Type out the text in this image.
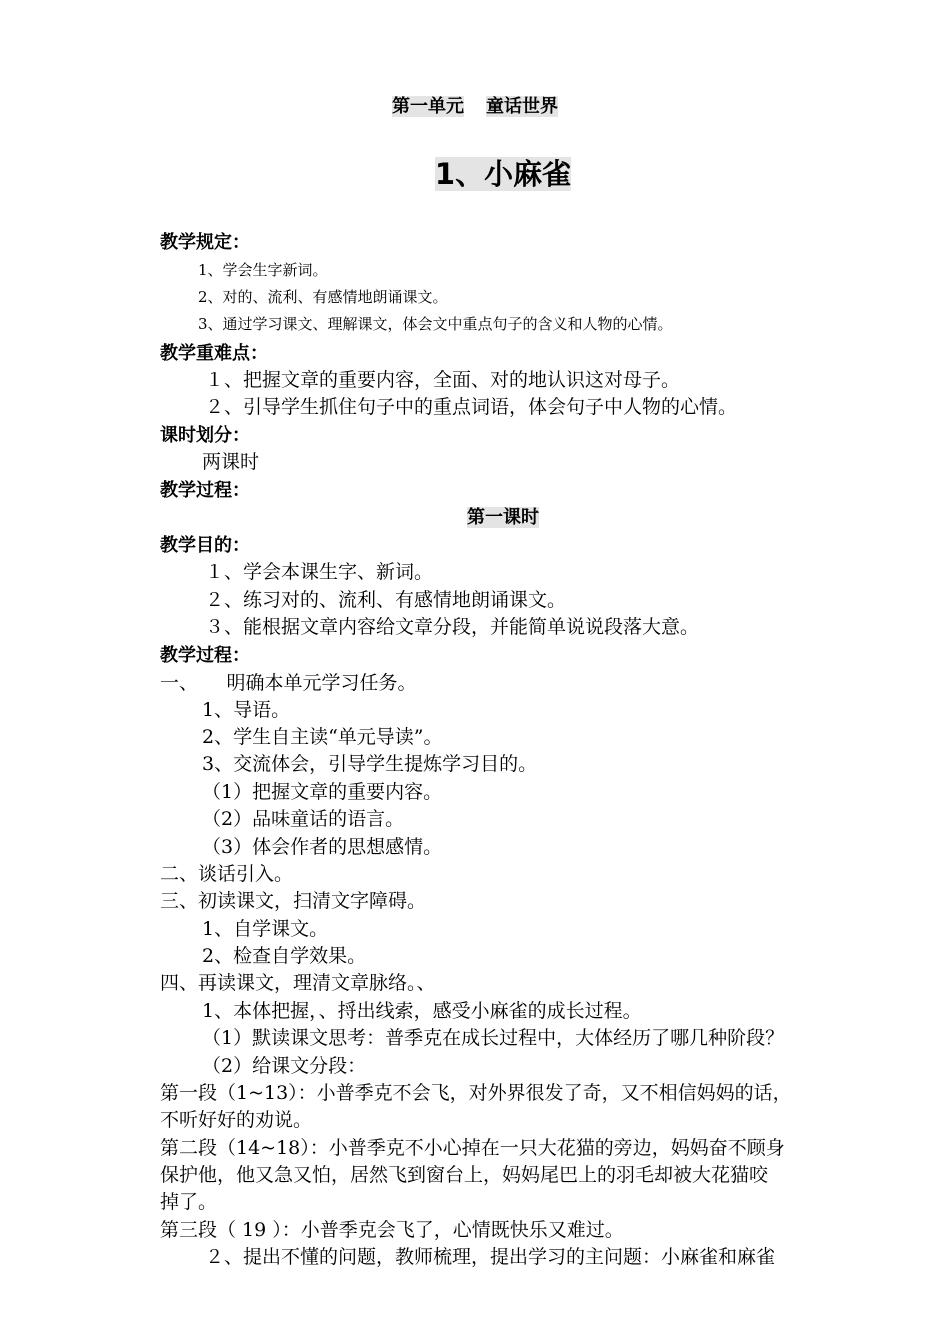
第一单元 童话世界
1、小麻雀
教学规定：
1、学会生字新词。
2、对的、流利、有感情地朗诵课文。
3、通过学习课文、理解课文，体会文中重点句子的含义和人物的心情。
教学重难点：
１、把握文章的重要内容，全面、对的地认识这对母子。
２、引导学生抓住句子中的重点词语，体会句子中人物的心情。
课时划分：
两课时
教学过程：
第一课时
教学目的：
１、学会本课生字、新词。
２、练习对的、流利、有感情地朗诵课文。
３、能根据文章内容给文章分段，并能简单说说段落大意。
教学过程：
一、　　明确本单元学习任务。
1、导语。
2、学生自主读“单元导读”。
3、交流体会，引导学生提炼学习目的。
（1）把握文章的重要内容。
（2）品味童话的语言。
（3）体会作者的思想感情。
二、谈话引入。
三、初读课文，扫清文字障碍。
1、自学课文。
2、检查自学效果。
四、再读课文，理清文章脉络。、
1、本体把握，、捋出线索，感受小麻雀的成长过程。
（1）默读课文思考：普季克在成长过程中，大体经历了哪几种阶段？
（2）给课文分段：
第一段（1~13）：小普季克不会飞，对外界很发了奇，又不相信妈妈的话，
不听好好的劝说。
第二段（14~18）：小普季克不小心掉在一只大花猫的旁边，妈妈奋不顾身
保护他，他又急又怕，居然飞到窗台上，妈妈尾巴上的羽毛却被大花猫咬
掉了。
第三段（ 19 ）：小普季克会飞了，心情既快乐又难过。
２、提出不懂的问题，教师梳理，提出学习的主问题：小麻雀和麻雀
